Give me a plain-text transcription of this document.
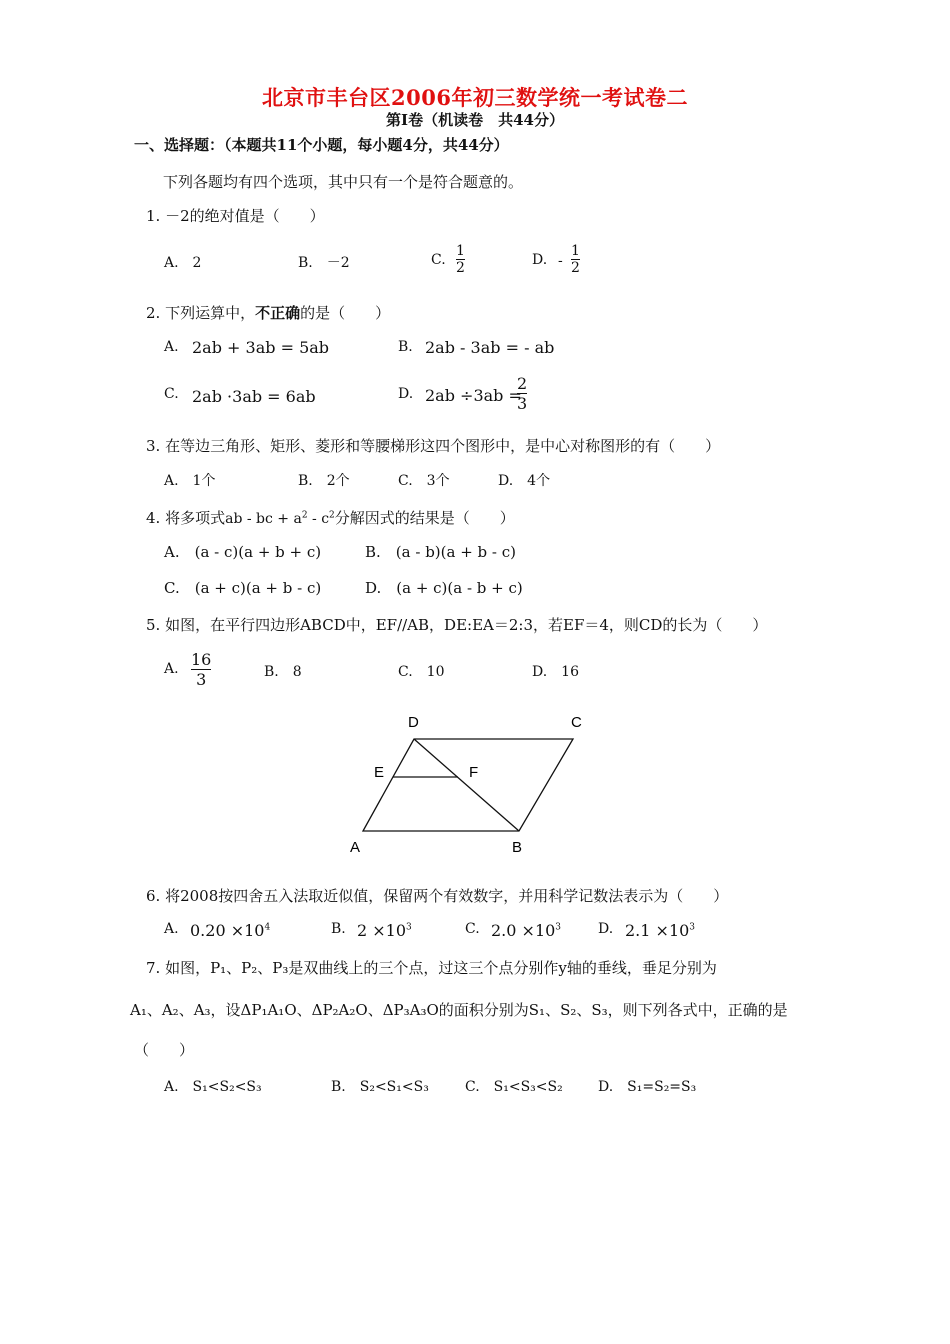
北京市丰台区2006年初三数学统一考试卷二
第Ⅰ卷（机读卷　共44分）
一、选择题：（本题共11个小题，每小题4分，共44分）
下列各题均有四个选项，其中只有一个是符合题意的。
1. －2的绝对值是（　　）
A.　2	B.　－2	C. $\frac{1}{2}$	D. - $\frac{1}{2}$
2. 下列运算中，不正确的是（　　）
A. 2ab + 3ab = 5ab	B. 2ab - 3ab = - ab
C. 2ab ·3ab = 6ab	D. 2ab ÷3ab =
$\frac{2}{3}$
3. 在等边三角形、矩形、菱形和等腰梯形这四个图形中，是中心对称图形的有（　　）
A.　1个	B.　2个	C.　3个	D.　4个
4. 将多项式ab - bc + $a^2 - c^2$分解因式的结果是（　　）
A.　(a - c)(a + b + c)	B.　(a - b)(a + b - c)
C.　(a + c)(a + b - c)	D.　(a + c)(a - b + c)
5. 如图，在平行四边形ABCD中，EF//AB，DE:EA＝2:3，若EF＝4，则CD的长为（　　）
A. $\frac{16}{3}$	B.　8	C.　10	D.　16
D	C
E	F
A	B
6. 将2008按四舍五入法取近似值，保留两个有效数字，并用科学记数法表示为（　　）
A. $0.20 \times 10^4$	B. $2 \times 10^3$	C. $2.0 \times 10^3$	D. $2.1 \times 10^3$
7. 如图，P₁、P₂、P₃是双曲线上的三个点，过这三个点分别作y轴的垂线，垂足分别为
A₁、A₂、A₃，设ΔP₁A₁O、ΔP₂A₂O、ΔP₃A₃O的面积分别为S₁、S₂、S₃，则下列各式中，正确的是
（　　）
A.　S₁<S₂<S₃	B.　S₂<S₁<S₃	C.　S₁<S₃<S₂	D.　S₁=S₂=S₃
